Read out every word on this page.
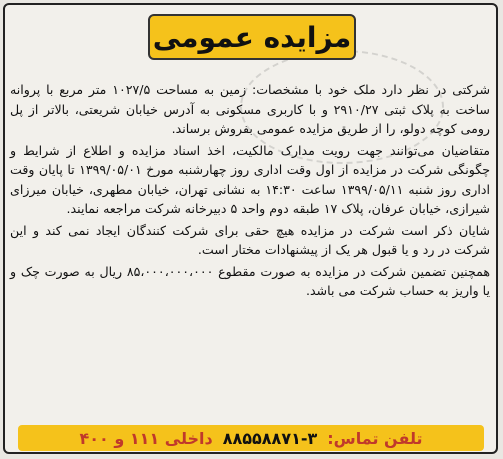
مزایده عمومی

شرکتی در نظر دارد ملک خود با مشخصات: زمین به مساحت ۱۰۲۷/۵ متر مربع با پروانه ساخت به پلاک ثبتی ۲۹۱۰/۲۷ و با کاربری مسکونی به آدرس خیابان شریعتی، بالاتر از پل رومی کوچه دولو، را از طریق مزایده عمومی بفروش برساند.

متقاضیان می‌توانند جهت رویت مدارک مالکیت، اخذ اسناد مزایده و اطلاع از شرایط و چگونگی شرکت در مزایده از اول وقت اداری روز چهارشنبه مورخ ۱۳۹۹/۰۵/۰۱ تا پایان وقت اداری روز شنبه ۱۳۹۹/۰۵/۱۱ ساعت ۱۴:۳۰ به نشانی تهران، خیابان مطهری، خیابان میرزای شیرازی، خیابان عرفان، پلاک ۱۷ طبقه دوم واحد ۵ دبیرخانه شرکت مراجعه نمایند.

شایان ذکر است شرکت در مزایده هیچ حقی برای شرکت کنندگان ایجاد نمی کند و این شرکت در رد و یا قبول هر یک از پیشنهادات مختار است.

همچنین تضمین شرکت در مزایده به صورت مقطوع ۸۵،۰۰۰،۰۰۰،۰۰۰ ریال به صورت چک و یا واریز به حساب شرکت می باشد.

تلفن تماس:
۸۸۵۵۸۸۷۱-۳
داخلی ۱۱۱ و ۴۰۰
